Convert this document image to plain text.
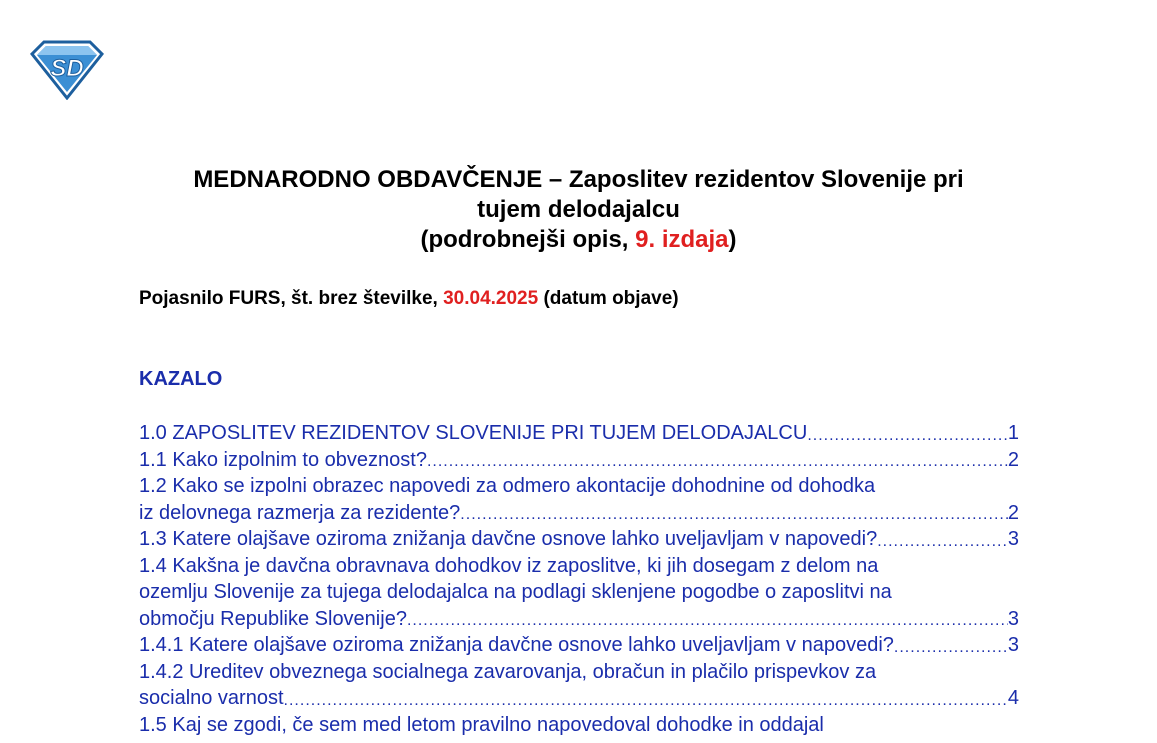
SD
MEDNARODNO OBDAVČENJE – Zaposlitev rezidentov Slovenije pri
tujem delodajalcu
(podrobnejši opis, 9. izdaja)
Pojasnilo FURS, št. brez številke, 30.04.2025 (datum objave)
KAZALO
1.0 ZAPOSLITEV REZIDENTOV SLOVENIJE PRI TUJEM DELODAJALCU .....	1
1.1 Kako izpolnim to obveznost? .....	2
1.2 Kako se izpolni obrazec napovedi za odmero akontacije dohodnine od dohodka
iz delovnega razmerja za rezidente? .....	2
1.3 Katere olajšave oziroma znižanja davčne osnove lahko uveljavljam v napovedi? .....	3
1.4 Kakšna je davčna obravnava dohodkov iz zaposlitve, ki jih dosegam z delom na
ozemlju Slovenije za tujega delodajalca na podlagi sklenjene pogodbe o zaposlitvi na
območju Republike Slovenije? .....	3
1.4.1 Katere olajšave oziroma znižanja davčne osnove lahko uveljavljam v napovedi? .....	3
1.4.2 Ureditev obveznega socialnega zavarovanja, obračun in plačilo prispevkov za
socialno varnost .....	4
1.5 Kaj se zgodi, če sem med letom pravilno napovedoval dohodke in oddajal
